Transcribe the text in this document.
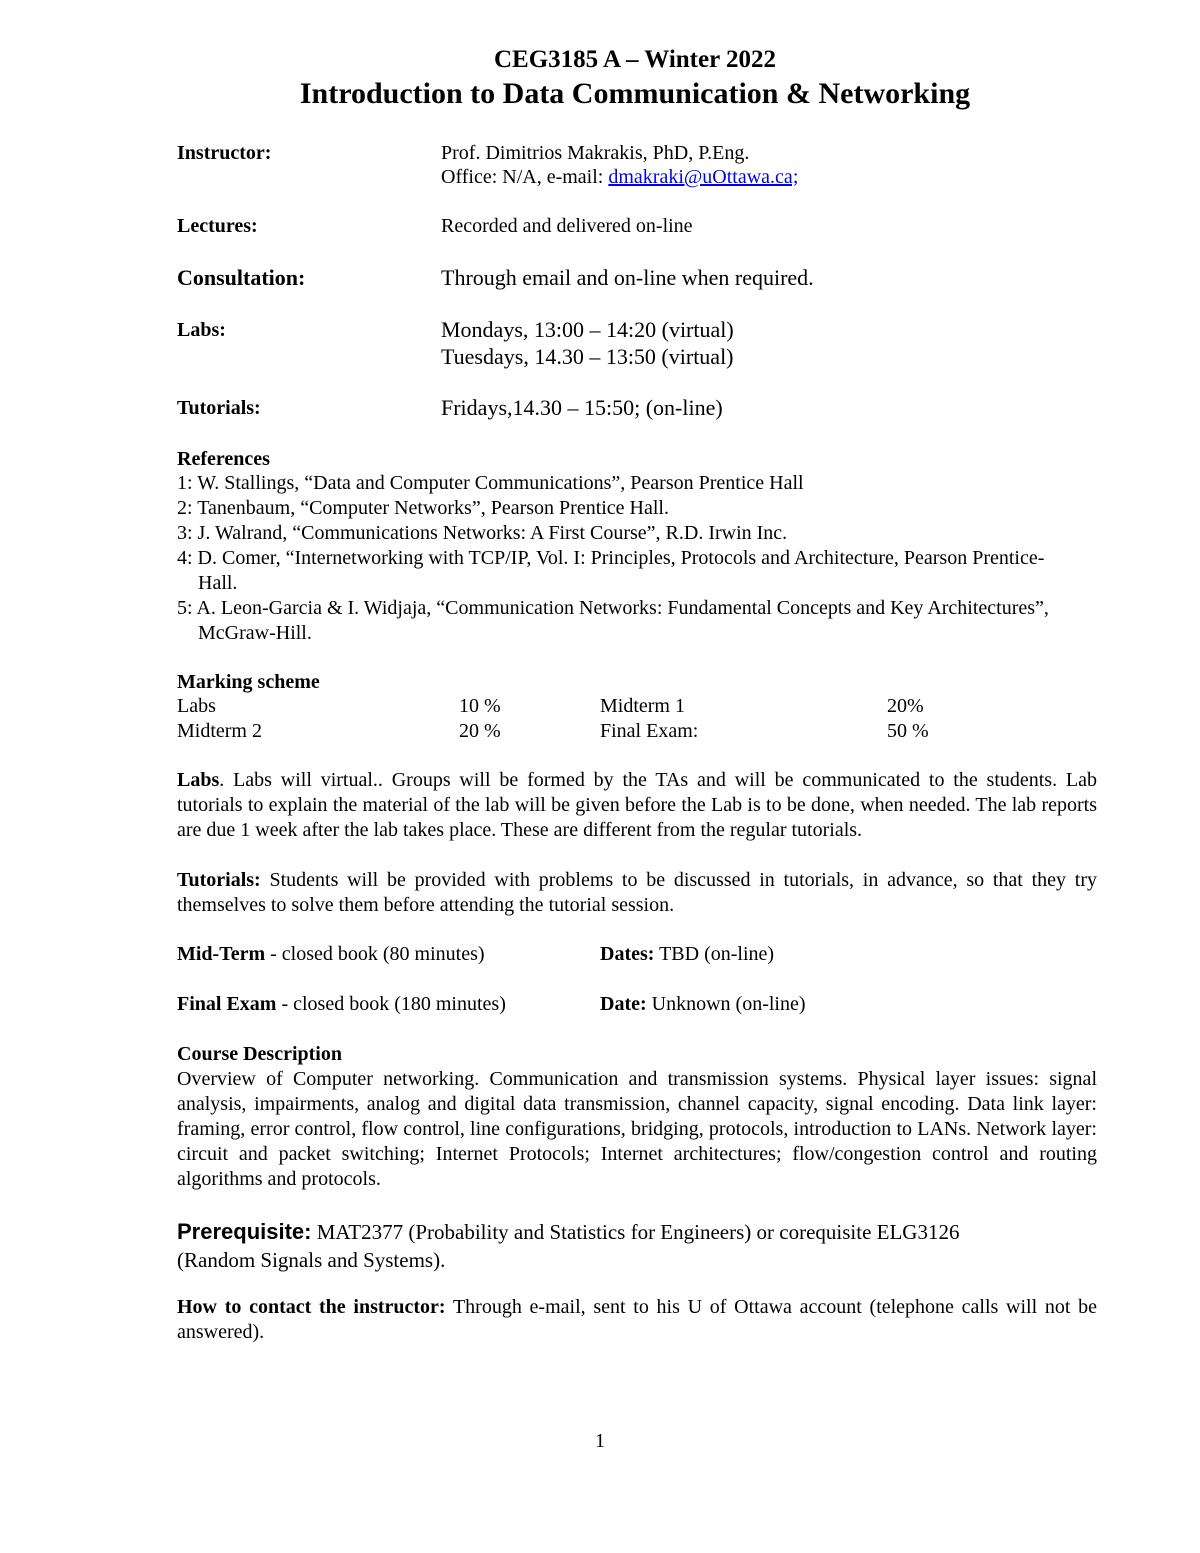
CEG3185 A – Winter 2022
Introduction to Data Communication & Networking
Instructor:	Prof. Dimitrios Makrakis, PhD, P.Eng.
Office: N/A, e-mail: dmakraki@uOttawa.ca;
Lectures:	Recorded and delivered on-line
Consultation:	Through email and on-line when required.
Labs:	Mondays, 13:00 – 14:20 (virtual)
Tuesdays, 14.30 – 13:50 (virtual)
Tutorials:	Fridays,14.30 – 15:50; (on-line)
References
1: W. Stallings, “Data and Computer Communications”, Pearson Prentice Hall
2: Tanenbaum, “Computer Networks”, Pearson Prentice Hall.
3: J. Walrand, “Communications Networks: A First Course”, R.D. Irwin Inc.
4: D. Comer, “Internetworking with TCP/IP, Vol. I: Principles, Protocols and Architecture, Pearson Prentice-Hall.
5: A. Leon-Garcia & I. Widjaja, “Communication Networks: Fundamental Concepts and Key Architectures”, McGraw-Hill.
Marking scheme
Labs	10 %	Midterm 1	20%
Midterm 2	20 %	Final Exam:	50 %
Labs. Labs will virtual.. Groups will be formed by the TAs and will be communicated to the students. Lab tutorials to explain the material of the lab will be given before the Lab is to be done, when needed. The lab reports are due 1 week after the lab takes place. These are different from the regular tutorials.
Tutorials: Students will be provided with problems to be discussed in tutorials, in advance, so that they try themselves to solve them before attending the tutorial session.
Mid-Term - closed book (80 minutes)	Dates: TBD (on-line)
Final Exam - closed book (180 minutes)	Date: Unknown (on-line)
Course Description
Overview of Computer networking. Communication and transmission systems. Physical layer issues: signal analysis, impairments, analog and digital data transmission, channel capacity, signal encoding. Data link layer: framing, error control, flow control, line configurations, bridging, protocols, introduction to LANs. Network layer: circuit and packet switching; Internet Protocols; Internet architectures; flow/congestion control and routing algorithms and protocols.
Prerequisite: MAT2377 (Probability and Statistics for Engineers) or corequisite ELG3126 (Random Signals and Systems).
How to contact the instructor: Through e-mail, sent to his U of Ottawa account (telephone calls will not be answered).
1
